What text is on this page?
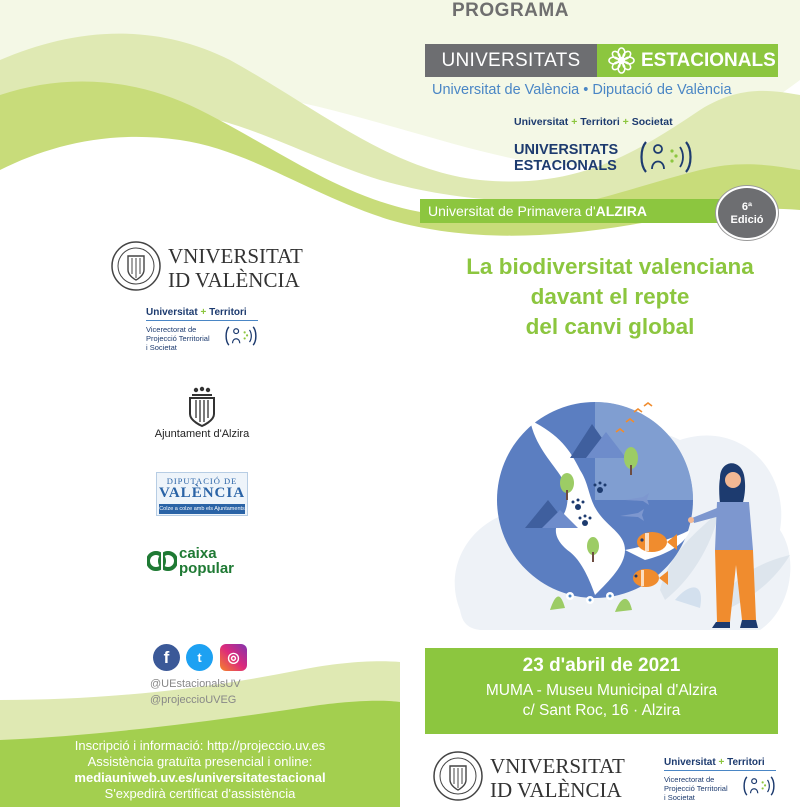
PROGRAMA
UNIVERSITATS	ESTACIONALS
Universitat de València • Diputació de València
Universitat + Territori + Societat
UNIVERSITATS
ESTACIONALS
Universitat de Primavera d'ALZIRA	6ª
Edició
La biodiversitat valenciana
davant el repte
del canvi global
23 d'abril de 2021
MUMA - Museu Municipal d'Alzira
c/ Sant Roc, 16 · Alzira
VNIVERSITAT
ID VALÈNCIA
Universitat + Territori
Vicerectorat de
Projecció Territorial
i Societat
VNIVERSITAT
ID VALÈNCIA
Universitat + Territori
Vicerectorat de
Projecció Territorial
i Societat
Ajuntament d'Alzira
DIPUTACIÓ DE
VALÈNCIA
Colze a colze amb els Ajuntaments
caixa
popular
f	t	◎
@UEstacionalsUV
@projeccioUVEG
Inscripció i informació: http://projeccio.uv.es
Assistència gratuïta presencial i online:
mediauniweb.uv.es/universitatestacional
S'expedirà certificat d'assistència
